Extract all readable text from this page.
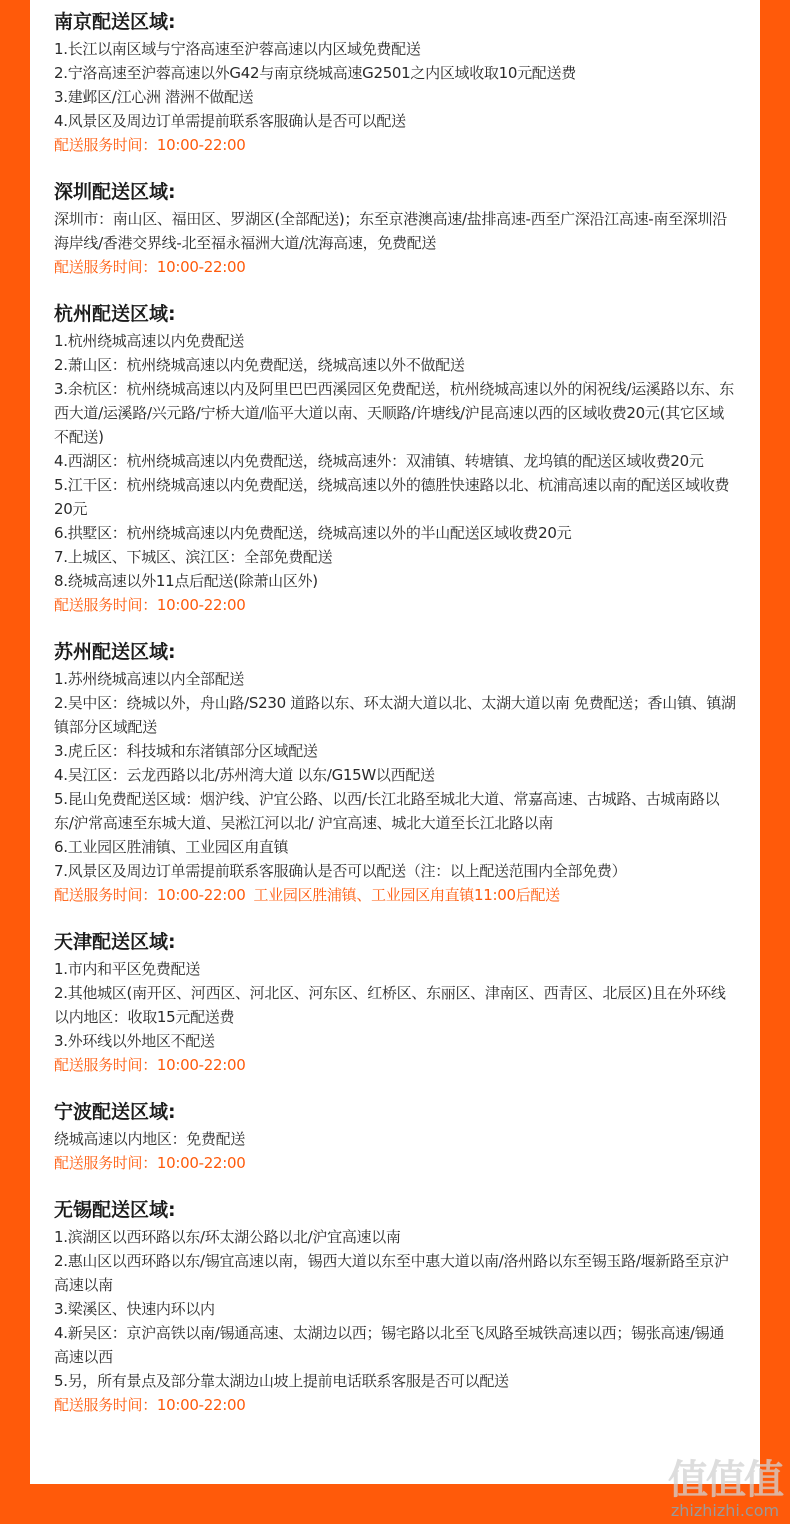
南京配送区域:
1.长江以南区域与宁洛高速至沪蓉高速以内区域免费配送
2.宁洛高速至沪蓉高速以外G42与南京绕城高速G2501之内区域收取10元配送费
3.建邺区/江心洲 潜洲不做配送
4.风景区及周边订单需提前联系客服确认是否可以配送
配送服务时间：10:00-22:00
深圳配送区域:
深圳市：南山区、福田区、罗湖区(全部配送)；东至京港澳高速/盐排高速-西至广深沿江高速-南至深圳沿海岸线/香港交界线-北至福永福洲大道/沈海高速，免费配送
配送服务时间：10:00-22:00
杭州配送区域:
1.杭州绕城高速以内免费配送
2.萧山区：杭州绕城高速以内免费配送，绕城高速以外不做配送
3.余杭区：杭州绕城高速以内及阿里巴巴西溪园区免费配送，杭州绕城高速以外的闲祝线/运溪路以东、东西大道/运溪路/兴元路/宁桥大道/临平大道以南、天顺路/许塘线/沪昆高速以西的区域收费20元(其它区域不配送)
4.西湖区：杭州绕城高速以内免费配送，绕城高速外：双浦镇、转塘镇、龙坞镇的配送区域收费20元
5.江干区：杭州绕城高速以内免费配送，绕城高速以外的德胜快速路以北、杭浦高速以南的配送区域收费20元
6.拱墅区：杭州绕城高速以内免费配送，绕城高速以外的半山配送区域收费20元
7.上城区、下城区、滨江区：全部免费配送
8.绕城高速以外11点后配送(除萧山区外)
配送服务时间：10:00-22:00
苏州配送区域:
1.苏州绕城高速以内全部配送
2.吴中区：绕城以外，舟山路/S230 道路以东、环太湖大道以北、太湖大道以南 免费配送；香山镇、镇湖镇部分区域配送
3.虎丘区：科技城和东渚镇部分区域配送
4.吴江区：云龙西路以北/苏州湾大道 以东/G15W以西配送
5.昆山免费配送区域：烟沪线、沪宜公路、以西/长江北路至城北大道、常嘉高速、古城路、古城南路以东/沪常高速至东城大道、吴淞江河以北/ 沪宜高速、城北大道至长江北路以南
6.工业园区胜浦镇、工业园区甪直镇
7.风景区及周边订单需提前联系客服确认是否可以配送（注：以上配送范围内全部免费）
配送服务时间：10:00-22:00 工业园区胜浦镇、工业园区甪直镇11:00后配送
天津配送区域:
1.市内和平区免费配送
2.其他城区(南开区、河西区、河北区、河东区、红桥区、东丽区、津南区、西青区、北辰区)且在外环线以内地区：收取15元配送费
3.外环线以外地区不配送
配送服务时间：10:00-22:00
宁波配送区域:
绕城高速以内地区：免费配送
配送服务时间：10:00-22:00
无锡配送区域:
1.滨湖区以西环路以东/环太湖公路以北/沪宜高速以南
2.惠山区以西环路以东/锡宜高速以南，锡西大道以东至中惠大道以南/洛州路以东至锡玉路/堰新路至京沪高速以南
3.梁溪区、快速内环以内
4.新吴区：京沪高铁以南/锡通高速、太湖边以西；锡宅路以北至飞凤路至城铁高速以西；锡张高速/锡通高速以西
5.另，所有景点及部分靠太湖边山坡上提前电话联系客服是否可以配送
配送服务时间：10:00-22:00
值值值
zhizhizhi.com
